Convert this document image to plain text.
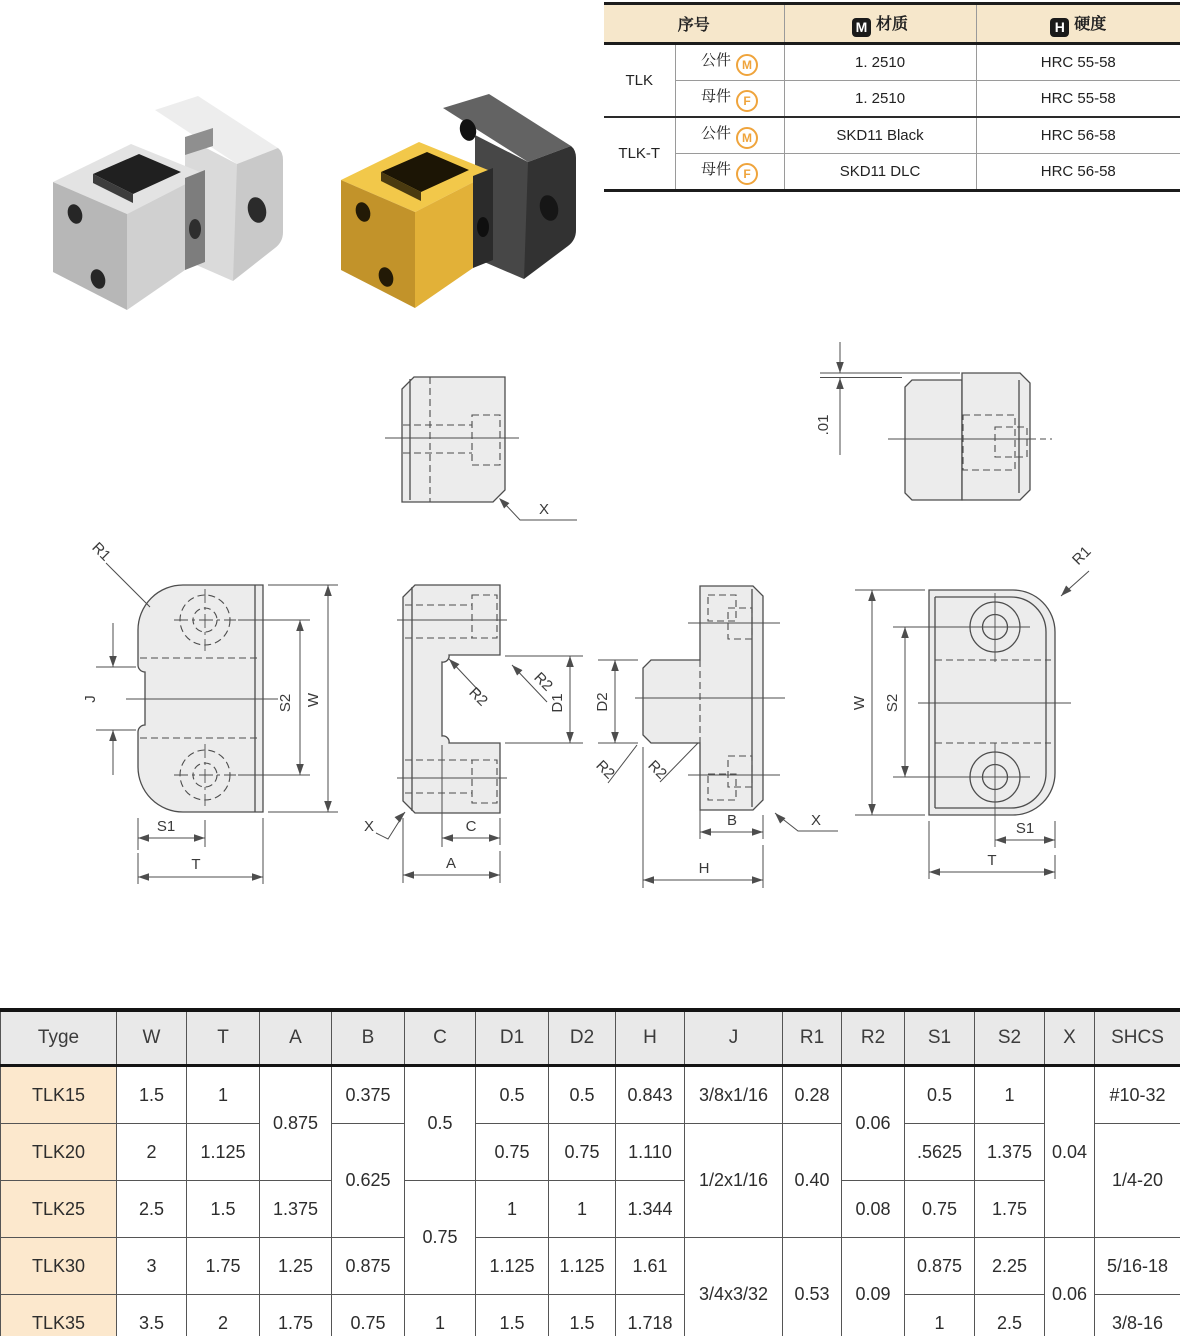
序号		M 材质	H 硬度
TLK	公件 M	1. 2510	HRC 55-58
	母件 F	1. 2510	HRC 55-58
TLK-T	公件 M	SKD11 Black	HRC 56-58
	母件 F	SKD11 DLC	HRC 56-58
X
.01
R1
J	S2 W
S1
T
R2
R2
D1
C
A
X
D2
R2 R2
B
H
X
R1
W S2
S1
T
Tyge	W	T	A	B	C	D1	D2	H	J	R1	R2	S1	S2	X	SHCS
TLK15	1.5	1	0.875	0.375	0.5	0.5	0.5	0.843	3/8x1/16	0.28	0.06	0.5	1	0.04	#10-32
TLK20	2	1.125		0.625		0.75	0.75	1.110	1/2x1/16	0.40		.5625	1.375		1/4-20
TLK25	2.5	1.5	1.375		0.75	1	1	1.344			0.08	0.75	1.75		
TLK30	3	1.75	1.25	0.875		1.125	1.125	1.61	3/4x3/32	0.53	0.09	0.875	2.25	0.06	5/16-18
TLK35	3.5	2	1.75	0.75	1	1.5	1.5	1.718				1	2.5		3/8-16
